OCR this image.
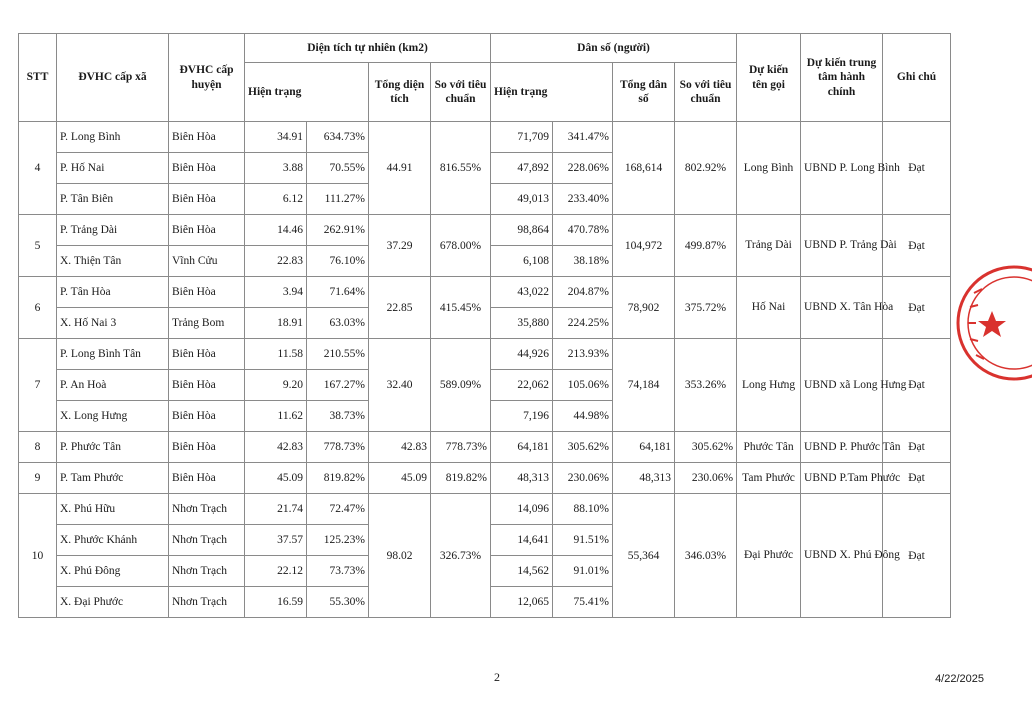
STT	ĐVHC cấp xã	ĐVHC cấp huyện	Diện tích tự nhiên (km2)				Dân số (người)				Dự kiến tên gọi	Dự kiến trung tâm hành chính	Ghi chú
			Hiện trạng		Tổng diện tích	So với tiêu chuẩn	Hiện trạng		Tổng dân số	So với tiêu chuẩn			
4	P. Long Bình	Biên Hòa	34.91	634.73%	44.91	816.55%	71,709	341.47%	168,614	802.92%	Long Bình	UBND P. Long Bình	Đạt
	P. Hố Nai	Biên Hòa	3.88	70.55%			47,892	228.06%					
	P. Tân Biên	Biên Hòa	6.12	111.27%			49,013	233.40%					
5	P. Trảng Dài	Biên Hòa	14.46	262.91%	37.29	678.00%	98,864	470.78%	104,972	499.87%	Trảng Dài	UBND P. Trảng Dài	Đạt
	X. Thiện Tân	Vĩnh Cửu	22.83	76.10%			6,108	38.18%					
6	P. Tân Hòa	Biên Hòa	3.94	71.64%	22.85	415.45%	43,022	204.87%	78,902	375.72%	Hố Nai	UBND X. Tân Hòa	Đạt
	X. Hố Nai 3	Trảng Bom	18.91	63.03%			35,880	224.25%					
7	P. Long Bình Tân	Biên Hòa	11.58	210.55%	32.40	589.09%	44,926	213.93%	74,184	353.26%	Long Hưng	UBND xã Long Hưng	Đạt
	P. An Hoà	Biên Hòa	9.20	167.27%			22,062	105.06%					
	X. Long Hưng	Biên Hòa	11.62	38.73%			7,196	44.98%					
8	P. Phước Tân	Biên Hòa	42.83	778.73%	42.83	778.73%	64,181	305.62%	64,181	305.62%	Phước Tân	UBND P. Phước Tân	Đạt
9	P. Tam Phước	Biên Hòa	45.09	819.82%	45.09	819.82%	48,313	230.06%	48,313	230.06%	Tam Phước	UBND P.Tam Phước	Đạt
10	X. Phú Hữu	Nhơn Trạch	21.74	72.47%	98.02	326.73%	14,096	88.10%	55,364	346.03%	Đại Phước	UBND X. Phú Đông	Đạt
	X. Phước Khánh	Nhơn Trạch	37.57	125.23%			14,641	91.51%					
	X. Phú Đông	Nhơn Trạch	22.12	73.73%			14,562	91.01%					
	X. Đại Phước	Nhơn Trạch	16.59	55.30%			12,065	75.41%					
2	4/22/2025
